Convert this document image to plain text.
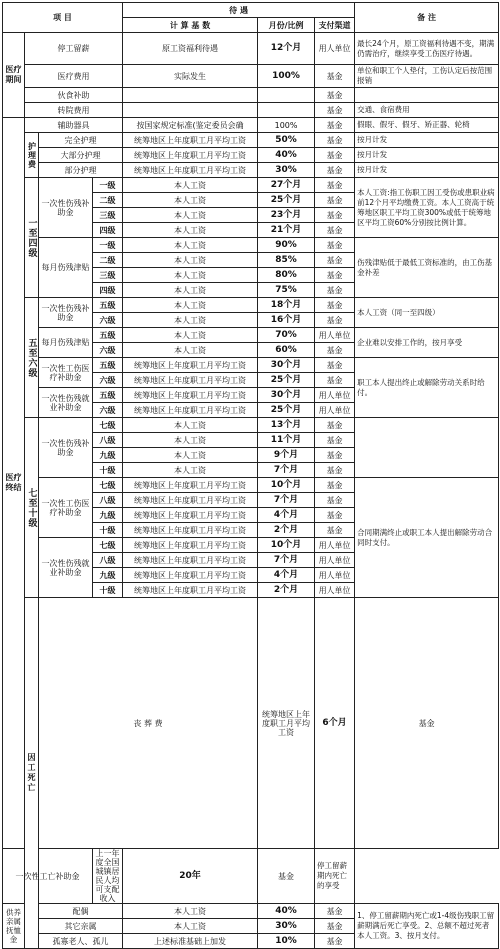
项 目				待 遇			备 注	
				计 算 基 数	月份/比例	支付渠道		
医疗期间	停工留薪			原工资福利待遇	12个月	用人单位	最长24个月，原工资福利待遇不变，期满仍需治疗，继续享受工伤医疗待遇。	
	医疗费用			实际发生	100%	基金	单位和职工个人垫付，工伤认定后按范围报销	
	伙食补助					基金		
	转院费用					基金	交通、食宿费用	
医疗终结	辅助器具			按国家规定标准(鉴定委员会确	100%	基金	假眼、假牙、假牙、矫正器、轮椅	
	护理费	完全护理		统筹地区上年度职工月平均工资	50%	基金	按月计发	
		大部分护理		统筹地区上年度职工月平均工资	40%	基金	按月计发	
		部分护理		统筹地区上年度职工月平均工资	30%	基金	按月计发	
	一至四级	一次性伤残补助金	一级	本人工资	27个月	基金	本人工资:指工伤职工因工受伤或患职业病前12个月平均缴费工资。本人工资高于统筹地区职工平均工资300%或低于统筹地区平均工资60%分别按比例计算。	
			二级	本人工资	25个月	基金		
			三级	本人工资	23个月	基金		
			四级	本人工资	21个月	基金		
		每月伤残津贴	一级	本人工资	90%	基金	伤残津贴低于最低工资标准的，由工伤基金补差	
			二级	本人工资	85%	基金		
			三级	本人工资	80%	基金		
			四级	本人工资	75%	基金		
	五至六级	一次性伤残补助金	五级	本人工资	18个月	基金	本人工资（同一至四级）	
			六级	本人工资	16个月	基金		
		每月伤残津贴	五级	本人工资	70%	用人单位	企业难以安排工作的，按月享受	
			六级	本人工资	60%	基金		
		一次性工伤医疗补助金	五级	统筹地区上年度职工月平均工资	30个月	基金	职工本人提出终止或解除劳动关系时给付。	
			六级	统筹地区上年度职工月平均工资	25个月	基金		
		一次性伤残就业补助金	五级	统筹地区上年度职工月平均工资	30个月	用人单位		
			六级	统筹地区上年度职工月平均工资	25个月	用人单位		
	七至十级	一次性伤残补助金	七级	本人工资	13个月	基金		
			八级	本人工资	11个月	基金		
			九级	本人工资	9个月	基金		
			十级	本人工资	7个月	基金		
		一次性工伤医疗补助金	七级	统筹地区上年度职工月平均工资	10个月	基金	合同期满终止或职工本人提出解除劳动合同时支付。	
			八级	统筹地区上年度职工月平均工资	7个月	基金		
			九级	统筹地区上年度职工月平均工资	4个月	基金		
			十级	统筹地区上年度职工月平均工资	2个月	基金		
		一次性伤残就业补助金	七级	统筹地区上年度职工月平均工资	10个月	用人单位		
			八级	统筹地区上年度职工月平均工资	7个月	用人单位		
			九级	统筹地区上年度职工月平均工资	4个月	用人单位		
			十级	统筹地区上年度职工月平均工资	2个月	用人单位		
	因工死亡	丧 葬 费			统筹地区上年度职工月平均工资	6个月	基金	
一次性工亡补助金			上一年度全国城镇居民人均可支配收入	20年	基金	停工留薪期内死亡的享受		
供养亲属抚恤金		配偶		本人工资	40%	基金	1、停工留薪期内死亡或1-4级伤残职工留薪期满后死亡享受。2、总额不超过死者本人工资。3、按月支付。	
		其它亲属		本人工资	30%	基金		
		孤寡老人、孤儿		上述标准基础上加发	10%	基金		
